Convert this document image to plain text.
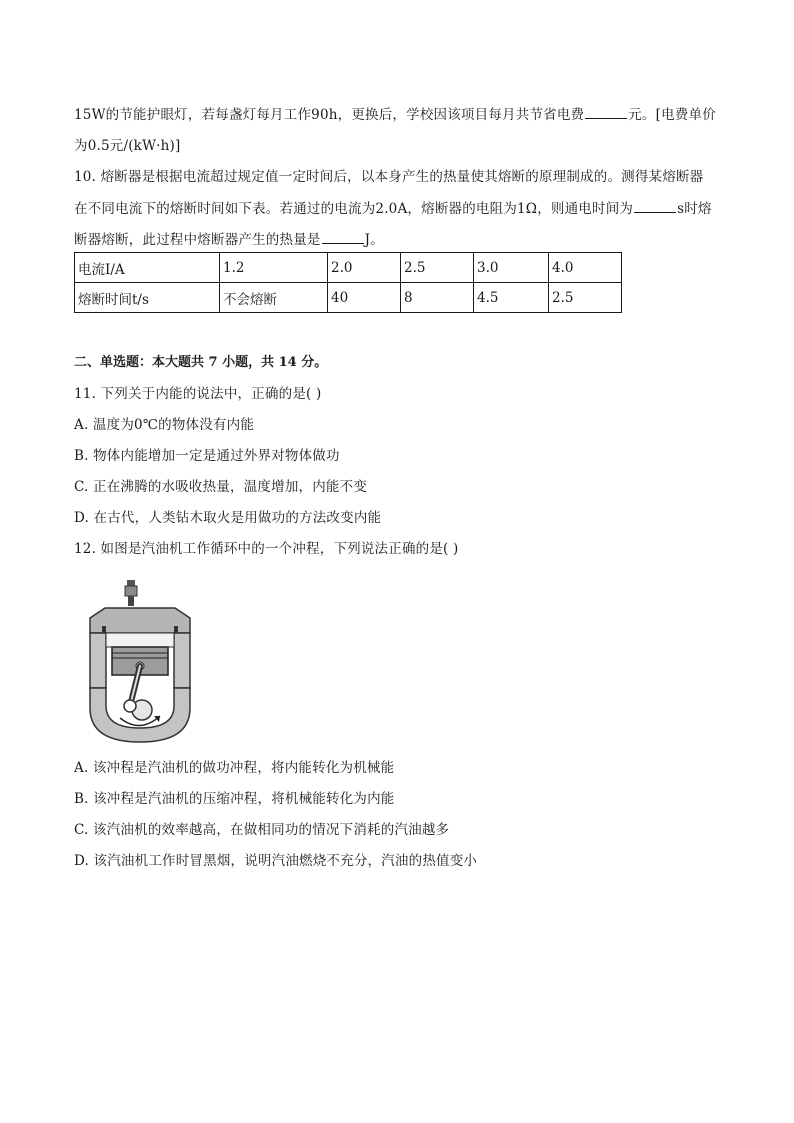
15W的节能护眼灯，若每盏灯每月工作90h，更换后，学校因该项目每月共节省电费	元。[电费单价
为0.5元/(kW·h)]
10. 熔断器是根据电流超过规定值一定时间后，以本身产生的热量使其熔断的原理制成的。测得某熔断器
在不同电流下的熔断时间如下表。若通过的电流为2.0A，熔断器的电阻为1Ω，则通电时间为	s时熔
断器熔断，此过程中熔断器产生的热量是	J。
电流I/A	1.2	2.0	2.5	3.0	4.0
熔断时间t/s	不会熔断	40	8	4.5	2.5
二、单选题：本大题共 7 小题，共 14 分。
11. 下列关于内能的说法中，正确的是( )
A. 温度为0℃的物体没有内能
B. 物体内能增加一定是通过外界对物体做功
C. 正在沸腾的水吸收热量，温度增加，内能不变
D. 在古代，人类钻木取火是用做功的方法改变内能
12. 如图是汽油机工作循环中的一个冲程，下列说法正确的是( )
A. 该冲程是汽油机的做功冲程，将内能转化为机械能
B. 该冲程是汽油机的压缩冲程，将机械能转化为内能
C. 该汽油机的效率越高，在做相同功的情况下消耗的汽油越多
D. 该汽油机工作时冒黑烟，说明汽油燃烧不充分，汽油的热值变小
